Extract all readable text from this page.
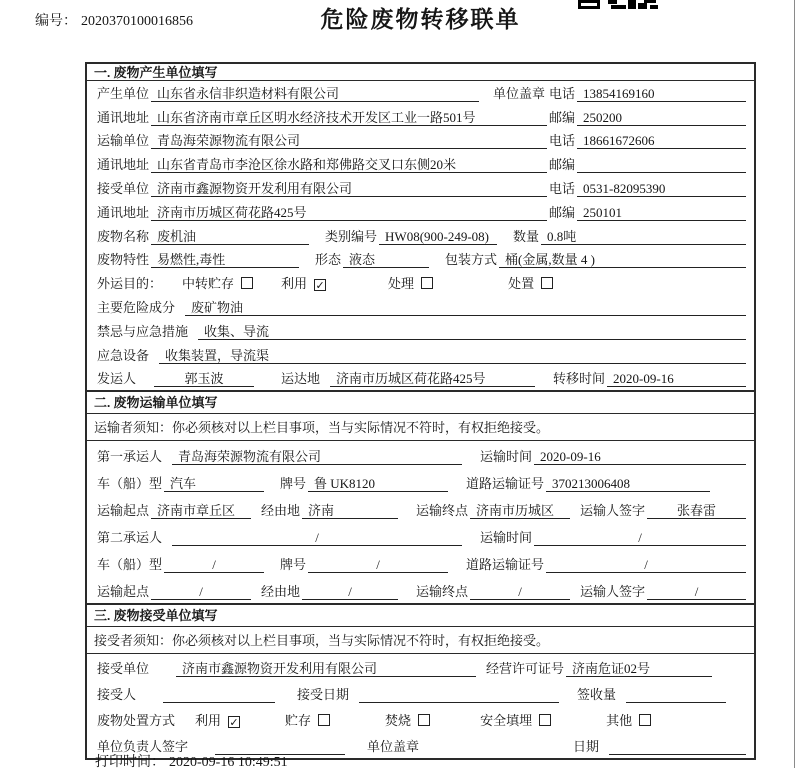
编号： 2020370100016856	危险废物转移联单
一. 废物产生单位填写
产生单位 山东省永信非织造材料有限公司	单位盖章 电话 13854169160
通讯地址 山东省济南市章丘区明水经济技术开发区工业一路501号	邮编 250200
运输单位 青岛海荣源物流有限公司	电话 18661672606
通讯地址 山东省青岛市李沧区徐水路和郑佛路交叉口东侧20米	邮编
接受单位 济南市鑫源物资开发利用有限公司	电话 0531-82095390
通讯地址 济南市历城区荷花路425号	邮编 250101
废物名称 废机油	类别编号 HW08(900-249-08)	数量 0.8吨
废物特性 易燃性,毒性	形态 液态	包装方式 桶(金属,数量 4 )
外运目的： 中转贮存	利用 ✓	处理	处置
主要危险成分	废矿物油
禁忌与应急措施	收集、导流
应急设备	收集装置，导流渠
发运人	郭玉波	运达地	济南市历城区荷花路425号	转移时间 2020-09-16
二. 废物运输单位填写
运输者须知：你必须核对以上栏目事项，当与实际情况不符时，有权拒绝接受。
第一承运人	青岛海荣源物流有限公司	运输时间 2020-09-16
车（船）型 汽车	牌号 鲁 UK8120	道路运输证号 370213006408
运输起点 济南市章丘区	经由地 济南	运输终点 济南市历城区	运输人签字	张春雷
第二承运人	/	运输时间	/
车（船）型	/	牌号	/	道路运输证号	/
运输起点	/	经由地	/	运输终点	/	运输人签字	/
三. 废物接受单位填写
接受者须知：你必须核对以上栏目事项，当与实际情况不符时，有权拒绝接受。
接受单位	济南市鑫源物资开发利用有限公司	经营许可证号 济南危证02号
接受人	接受日期	签收量
废物处置方式 利用 ✓	贮存	焚烧	安全填埋	其他
单位负责人签字	单位盖章	日期
打印时间： 2020-09-16 10:49:51
